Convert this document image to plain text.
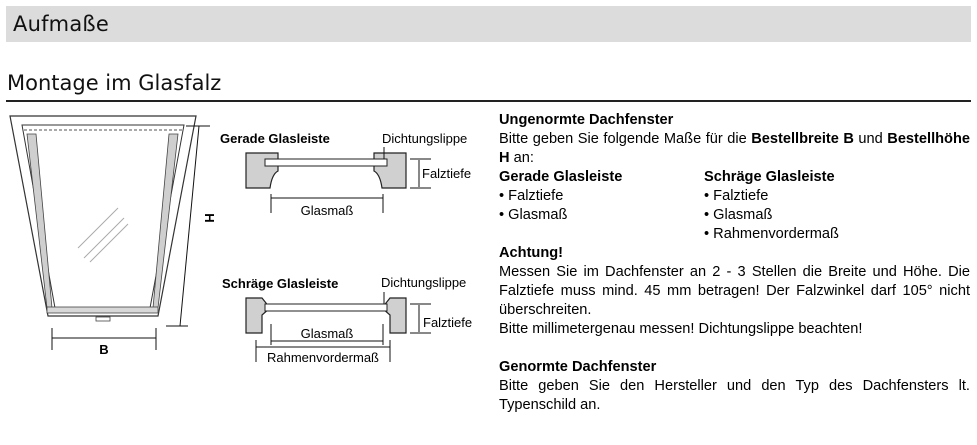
Aufmaße
Montage im Glasfalz
B
H
Gerade Glasleiste	Dichtungslippe
Falztiefe
Glasmaß
Schräge Glasleiste	Dichtungslippe
Falztiefe
Glasmaß
Rahmenvordermaß

Ungenormte Dachfenster

Bitte geben Sie folgende Maße für die Bestellbreite B und Bestellhöhe H an:

Gerade Glasleiste

• Falztiefe

• Glasmaß

Schräge Glasleiste

• Falztiefe

• Glasmaß

• Rahmenvordermaß

Achtung!

Messen Sie im Dachfenster an 2 - 3 Stellen die Breite und Höhe. Die Falztiefe muss mind. 45 mm betragen! Der Falzwinkel darf 105° nicht überschreiten.

Bitte millimetergenau messen! Dichtungslippe beachten!

Genormte Dachfenster

Bitte geben Sie den Hersteller und den Typ des Dachfensters lt. Typenschild an.
